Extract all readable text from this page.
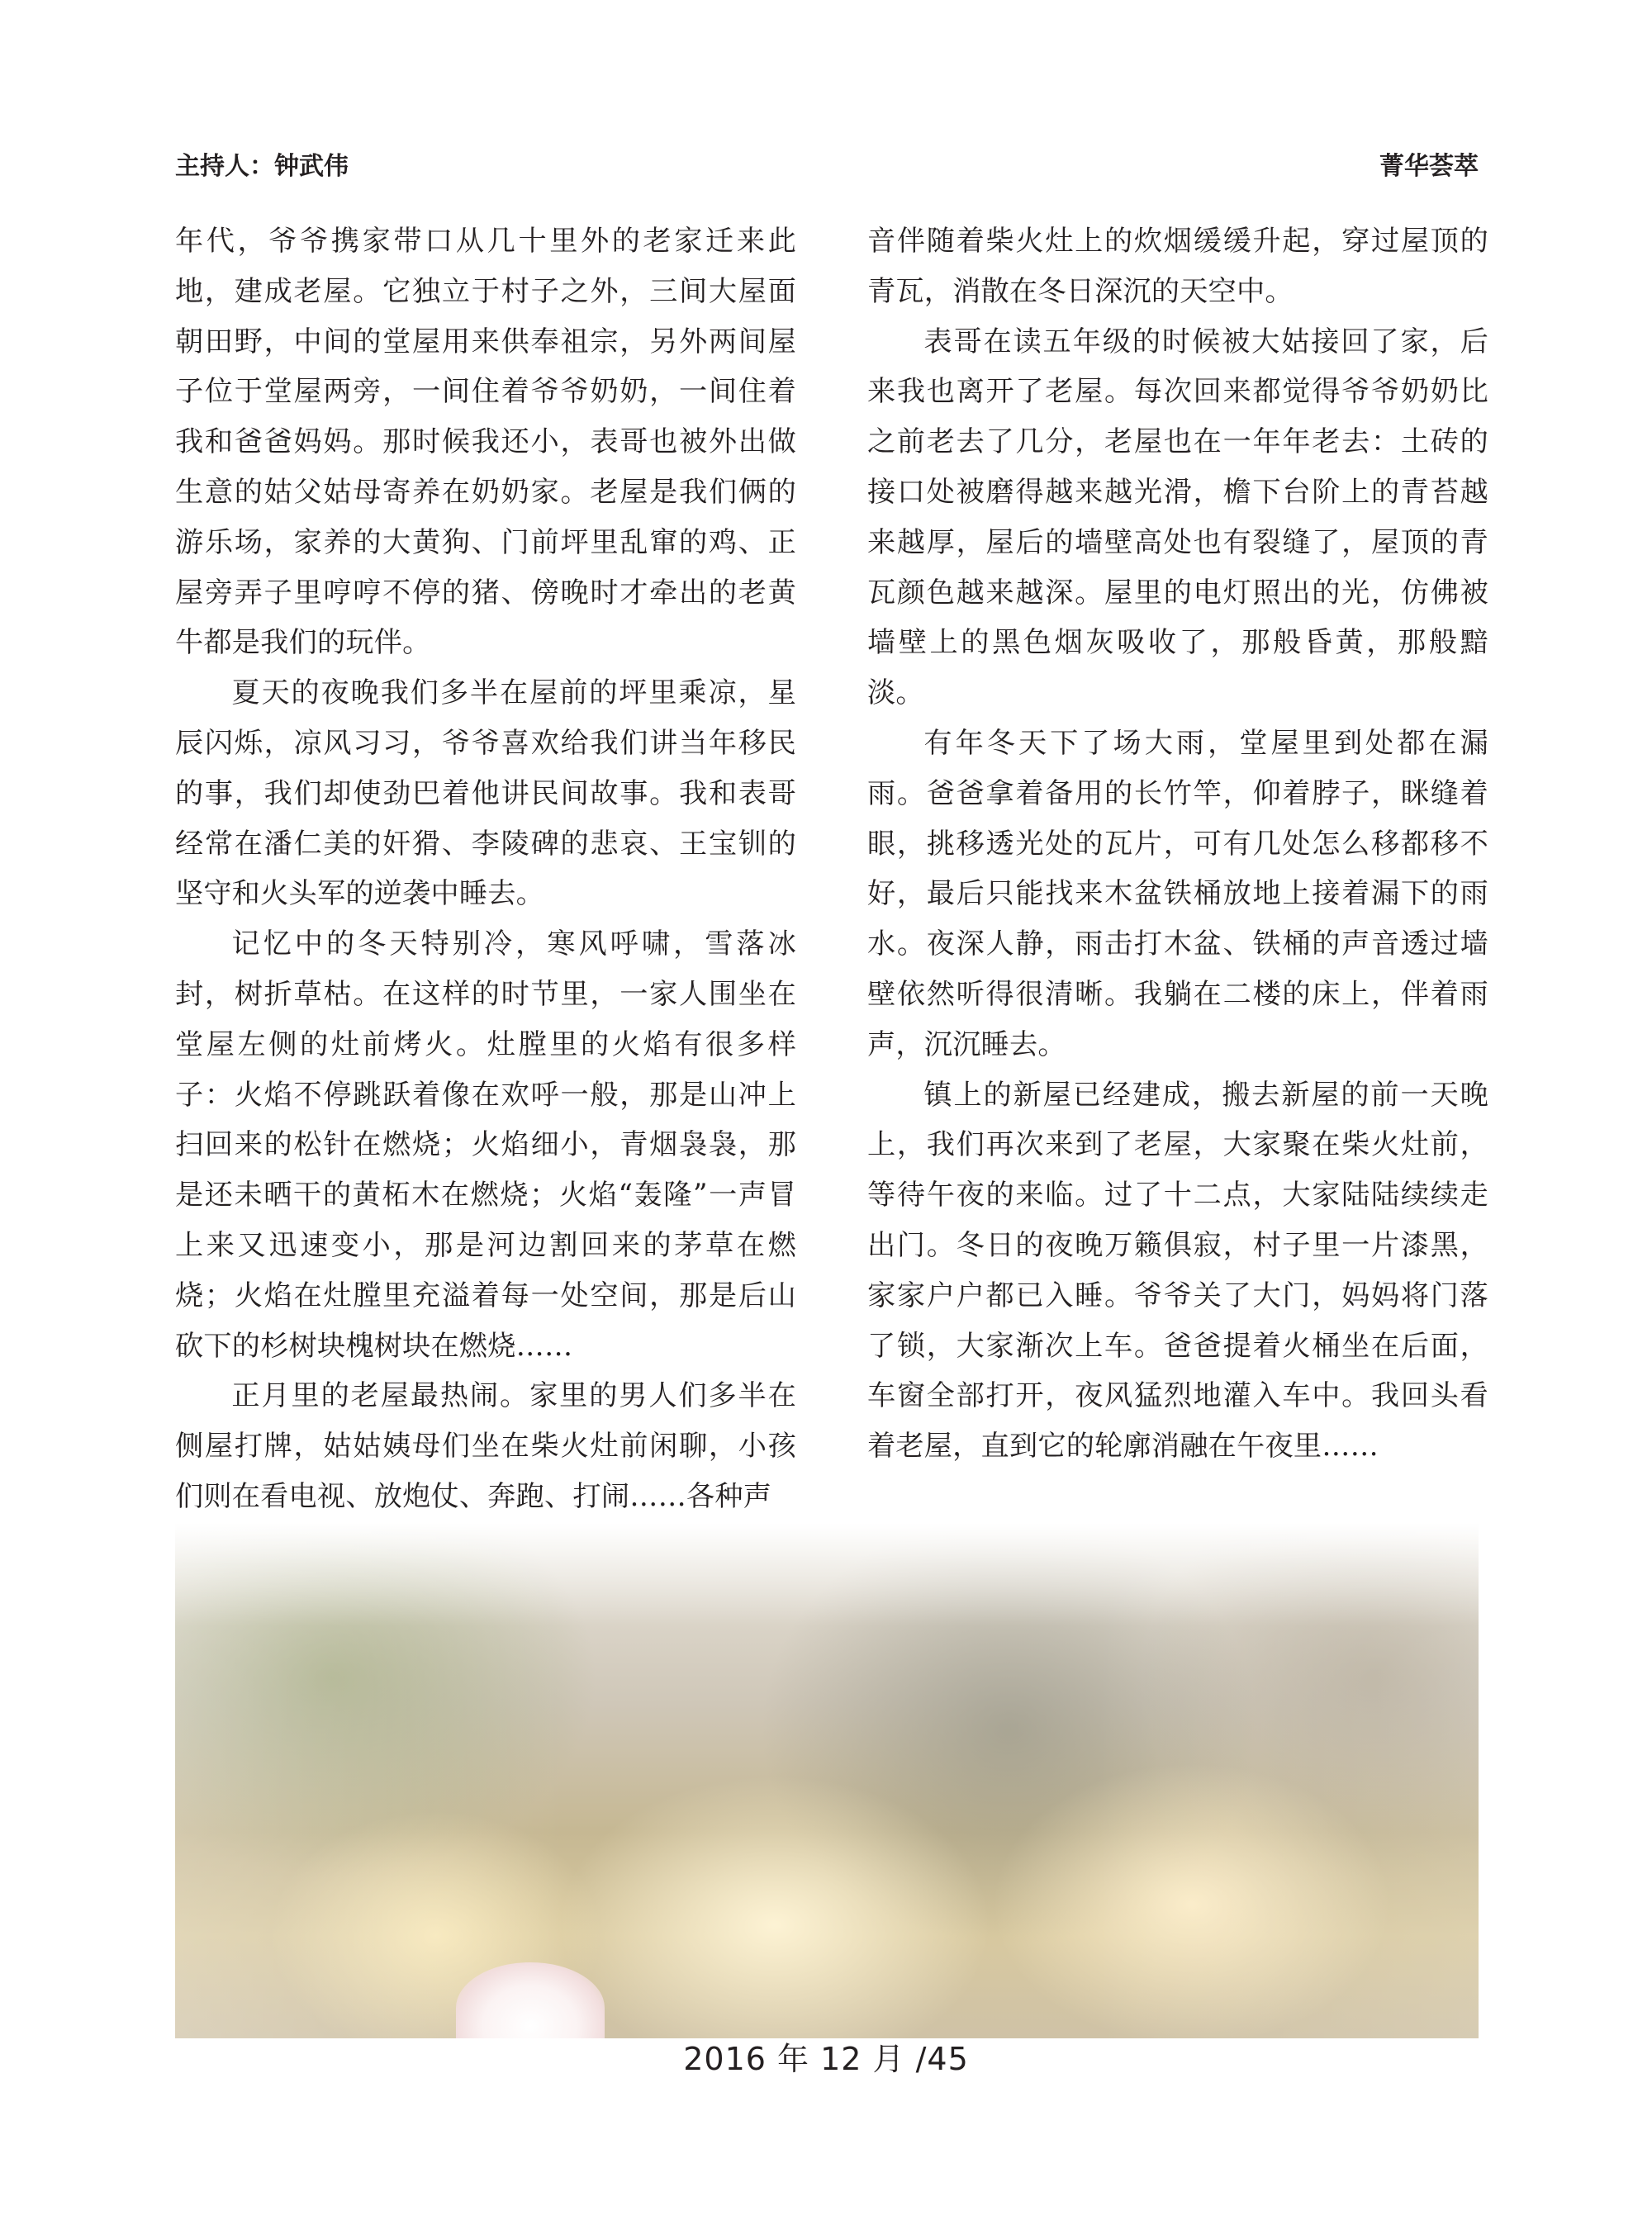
主持人：钟武伟	菁华荟萃

年代，爷爷携家带口从几十里外的老家迁来此地，建成老屋。它独立于村子之外，三间大屋面朝田野，中间的堂屋用来供奉祖宗，另外两间屋子位于堂屋两旁，一间住着爷爷奶奶，一间住着我和爸爸妈妈。那时候我还小，表哥也被外出做生意的姑父姑母寄养在奶奶家。老屋是我们俩的游乐场，家养的大黄狗、门前坪里乱窜的鸡、正屋旁弄子里哼哼不停的猪、傍晚时才牵出的老黄牛都是我们的玩伴。

夏天的夜晚我们多半在屋前的坪里乘凉，星辰闪烁，凉风习习，爷爷喜欢给我们讲当年移民的事，我们却使劲巴着他讲民间故事。我和表哥经常在潘仁美的奸猾、李陵碑的悲哀、王宝钏的坚守和火头军的逆袭中睡去。

记忆中的冬天特别冷，寒风呼啸，雪落冰封，树折草枯。在这样的时节里，一家人围坐在堂屋左侧的灶前烤火。灶膛里的火焰有很多样子：火焰不停跳跃着像在欢呼一般，那是山冲上扫回来的松针在燃烧；火焰细小，青烟袅袅，那是还未晒干的黄柘木在燃烧；火焰“轰隆”一声冒上来又迅速变小，那是河边割回来的茅草在燃烧；火焰在灶膛里充溢着每一处空间，那是后山砍下的杉树块槐树块在燃烧……

正月里的老屋最热闹。家里的男人们多半在侧屋打牌，姑姑姨母们坐在柴火灶前闲聊，小孩们则在看电视、放炮仗、奔跑、打闹……各种声

音伴随着柴火灶上的炊烟缓缓升起，穿过屋顶的青瓦，消散在冬日深沉的天空中。

表哥在读五年级的时候被大姑接回了家，后来我也离开了老屋。每次回来都觉得爷爷奶奶比之前老去了几分，老屋也在一年年老去：土砖的接口处被磨得越来越光滑，檐下台阶上的青苔越来越厚，屋后的墙壁高处也有裂缝了，屋顶的青瓦颜色越来越深。屋里的电灯照出的光，仿佛被墙壁上的黑色烟灰吸收了，那般昏黄，那般黯淡。

有年冬天下了场大雨，堂屋里到处都在漏雨。爸爸拿着备用的长竹竿，仰着脖子，眯缝着眼，挑移透光处的瓦片，可有几处怎么移都移不好，最后只能找来木盆铁桶放地上接着漏下的雨水。夜深人静，雨击打木盆、铁桶的声音透过墙壁依然听得很清晰。我躺在二楼的床上，伴着雨声，沉沉睡去。

镇上的新屋已经建成，搬去新屋的前一天晚上，我们再次来到了老屋，大家聚在柴火灶前，等待午夜的来临。过了十二点，大家陆陆续续走出门。冬日的夜晚万籁俱寂，村子里一片漆黑，家家户户都已入睡。爷爷关了大门，妈妈将门落了锁，大家渐次上车。爸爸提着火桶坐在后面，车窗全部打开，夜风猛烈地灌入车中。我回头看着老屋，直到它的轮廓消融在午夜里……

2016 年 12 月 /45
